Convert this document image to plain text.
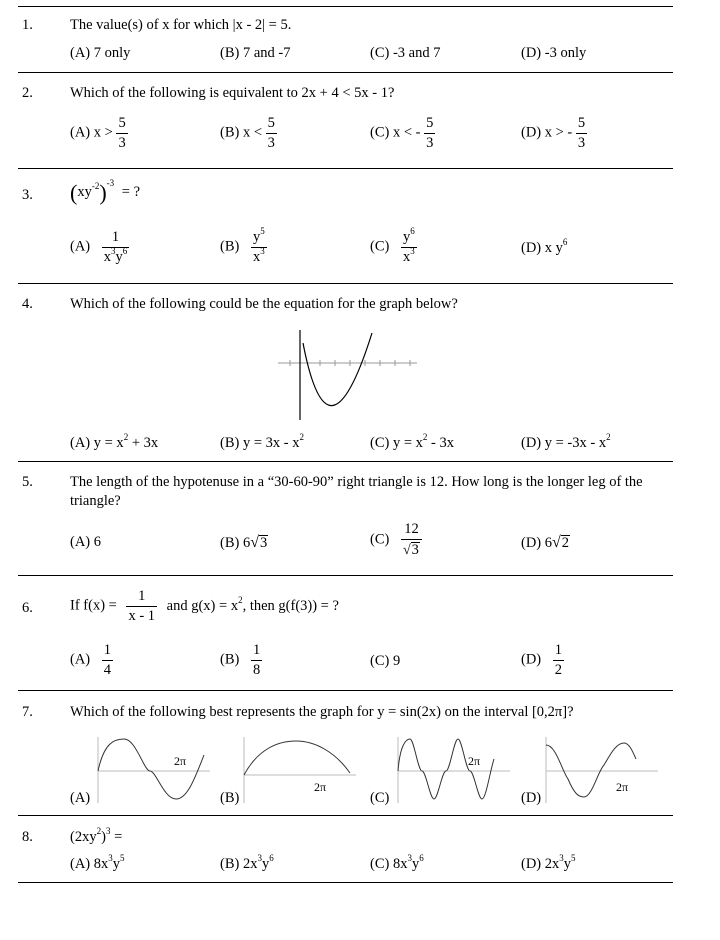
1.	The value(s) of x for which |x - 2| = 5.
(A) 7 only	(B) 7 and -7	(C) -3 and 7	(D) -3 only
2.	Which of the following is equivalent to 2x + 4 < 5x - 1?
(A) $x > \frac{5}{3}$	(B) $x < \frac{5}{3}$	(C) x < - $\frac{5}{3}$	(D) x > - $\frac{5}{3}$
3. $(xy^{-2})^{-3}$ = ?
$(A) \frac{1}{x^3y^6}$	$(B) \frac{y^5}{x^3}$	$(C) \frac{y^6}{x^3}$	(D) x $y^6$
4.	Which of the following could be the equation for the graph below?
(A) $y = x^2 + 3x$	(B) $y = 3x - x^2$	(C) $y = x^2 - 3x$	(D) $y = -3x - x^2$
5.	The length of the hypotenuse in a “30-60-90” right triangle is 12. How long is the longer leg of the
triangle?
(A) 6	(B) 6√3	$(C) \frac{12}{√3}$	(D) 6√2
6.	If $f(x) = \frac{1}{x - 1}$ and $g(x) = x^2$, then g(f(3)) = ?
$(A) \frac{1}{4}$	$(B) \frac{1}{8}$	(C) 9	$(D) \frac{1}{2}$
7.	Which of the following best represents the graph for y = sin(2x) on the interval [0,2π]?
2π
(A)
2π
(B)
2π
(C)
2π
(D)
8.	$(2xy^2)^3$ =
(A) $8x^3y^5$	(B) $2x^3y^6$	(C) $8x^3y^6$	(D) $2x^3y^5$
